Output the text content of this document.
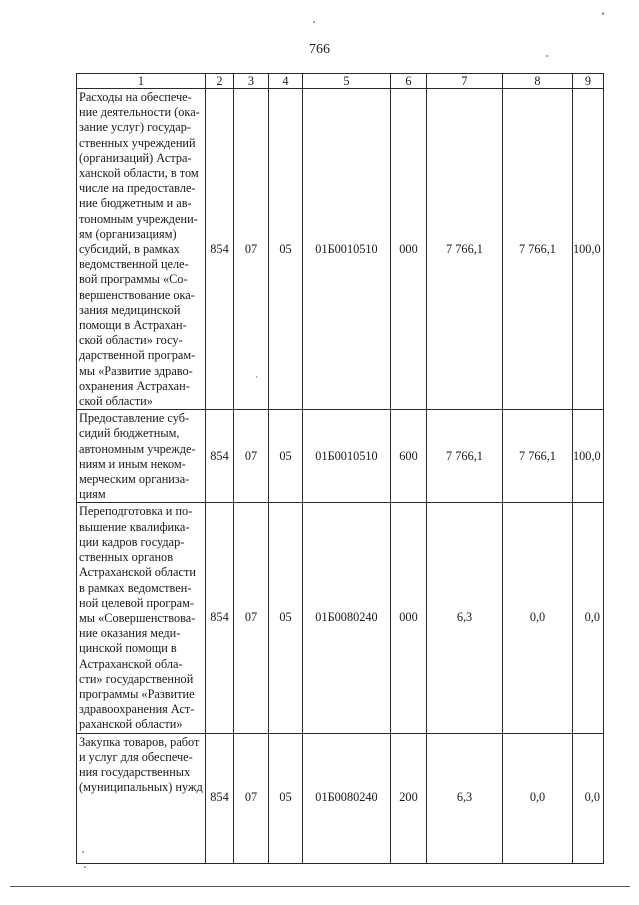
766
1	2	3	4	5	6	7	8	9
Расходы на обеспече-ние деятельности (ока-зание услуг) государ-ственных учреждений (организаций) Астра-ханской области, в том числе на предоставле-ние бюджетным и ав-тономным учреждени-ям (организациям) субсидий, в рамках ведомственной целе-вой программы «Со-вершенствование ока-зания медицинской помощи в Астрахан-ской области» госу-дарственной програм-мы «Развитие здраво-охранения Астрахан-ской области»	854	07	05	01Б0010510	000	7 766,1	7 766,1	100,0
Предоставление суб-сидий бюджетным, автономным учрежде-ниям и иным неком-мерческим организа-циям	854	07	05	01Б0010510	600	7 766,1	7 766,1	100,0
Переподготовка и по-вышение квалифика-ции кадров государ-ственных органов Астраханской области в рамках ведомствен-ной целевой програм-мы «Совершенствова-ние оказания меди-цинской помощи в Астраханской обла-сти» государственной программы «Развитие здравоохранения Аст-раханской области»	854	07	05	01Б0080240	000	6,3	0,0	0,0
Закупка товаров, работ и услуг для обеспече-ния государственных (муниципальных) нужд	854	07	05	01Б0080240	200	6,3	0,0	0,0
